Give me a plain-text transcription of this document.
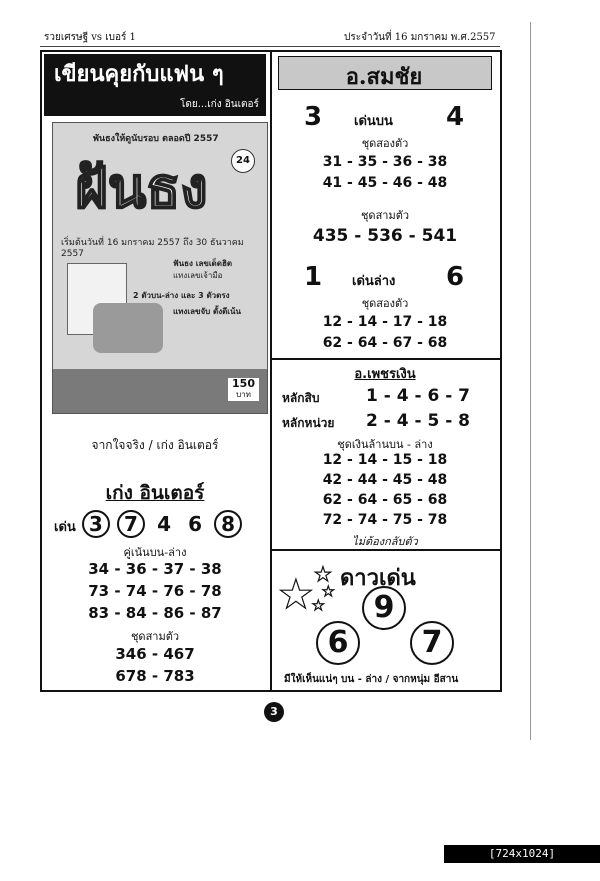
รวยเศรษฐี vs เบอร์ 1	ประจำวันที่ 16 มกราคม พ.ศ.2557
เขียนคุยกับแฟน ๆ
โดย...เก่ง อินเตอร์
พันธงให้ดูนับรอบ ตลอดปี 2557
ฝันธง	24
เริ่มต้นวันที่ 16 มกราคม 2557 ถึง 30 ธันวาคม 2557
ฟันธง เลขเด็ดฮิต
แทงเลขเจ้ามือ
2 ตัวบน-ล่าง และ 3 ตัวตรง
แทงเลขจับ ตั้งตีเน้น
150
บาท
จากใจจริง / เก่ง อินเตอร์
เก่ง อินเตอร์
เด่น 3 7 4 6 8
คู่เน้นบน-ล่าง
34 - 36 - 37 - 38
73 - 74 - 76 - 78
83 - 84 - 86 - 87
ชุดสามตัว
346 - 467
678 - 783
อ.สมชัย
3 เด่นบน 4
ชุดสองตัว
31 - 35 - 36 - 38
41 - 45 - 46 - 48
ชุดสามตัว
435 - 536 - 541
1 เด่นล่าง 6
ชุดสองตัว
12 - 14 - 17 - 18
62 - 64 - 67 - 68
อ.เพชรเงิน
หลักสิบ	1 - 4 - 6 - 7
หลักหน่วย 2 - 4 - 5 - 8
ชุดเงินล้านบน - ล่าง
12 - 14 - 15 - 18
42 - 44 - 45 - 48
62 - 64 - 65 - 68
72 - 74 - 75 - 78
ไม่ต้องกลับตัว
★
★ ★
★
ดาวเด่น
9
6	7
มีให้เห็นแน่ๆ บน - ล่าง / จากหนุ่ม อีสาน
3
[724x1024] http://upic.me/
